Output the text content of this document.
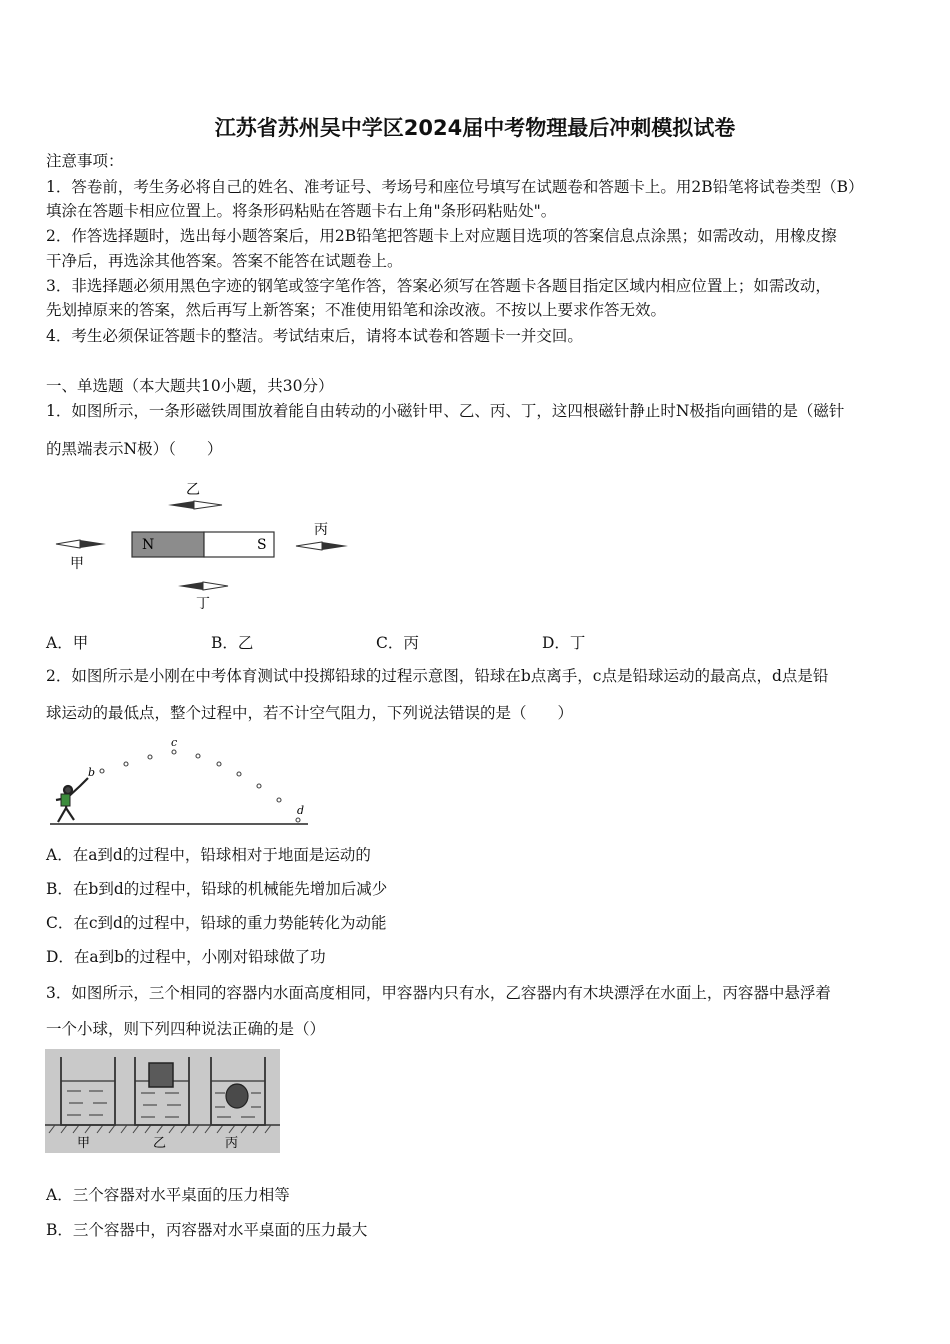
江苏省苏州吴中学区2024届中考物理最后冲刺模拟试卷
注意事项：
1．答卷前，考生务必将自己的姓名、准考证号、考场号和座位号填写在试题卷和答题卡上。用2B铅笔将试卷类型（B）
填涂在答题卡相应位置上。将条形码粘贴在答题卡右上角"条形码粘贴处"。
2．作答选择题时，选出每小题答案后，用2B铅笔把答题卡上对应题目选项的答案信息点涂黑；如需改动，用橡皮擦
干净后，再选涂其他答案。答案不能答在试题卷上。
3．非选择题必须用黑色字迹的钢笔或签字笔作答，答案必须写在答题卡各题目指定区域内相应位置上；如需改动，
先划掉原来的答案，然后再写上新答案；不准使用铅笔和涂改液。不按以上要求作答无效。
4．考生必须保证答题卡的整洁。考试结束后，请将本试卷和答题卡一并交回。
一、单选题（本大题共10小题，共30分）
1．如图所示，一条形磁铁周围放着能自由转动的小磁针甲、乙、丙、丁，这四根磁针静止时N极指向画错的是（磁针
的黑端表示N极）（　　）
N	S
乙
甲
丙
丁
A．甲	B．乙	C．丙	D．丁
2．如图所示是小刚在中考体育测试中投掷铅球的过程示意图，铅球在b点离手，c点是铅球运动的最高点，d点是铅
球运动的最低点，整个过程中，若不计空气阻力，下列说法错误的是（　　）
b
c
d
A．在a到d的过程中，铅球相对于地面是运动的
B．在b到d的过程中，铅球的机械能先增加后减少
C．在c到d的过程中，铅球的重力势能转化为动能
D．在a到b的过程中，小刚对铅球做了功
3．如图所示，三个相同的容器内水面高度相同，甲容器内只有水，乙容器内有木块漂浮在水面上，丙容器中悬浮着
一个小球，则下列四种说法正确的是（）
甲	乙	丙
A．三个容器对水平桌面的压力相等
B．三个容器中，丙容器对水平桌面的压力最大
